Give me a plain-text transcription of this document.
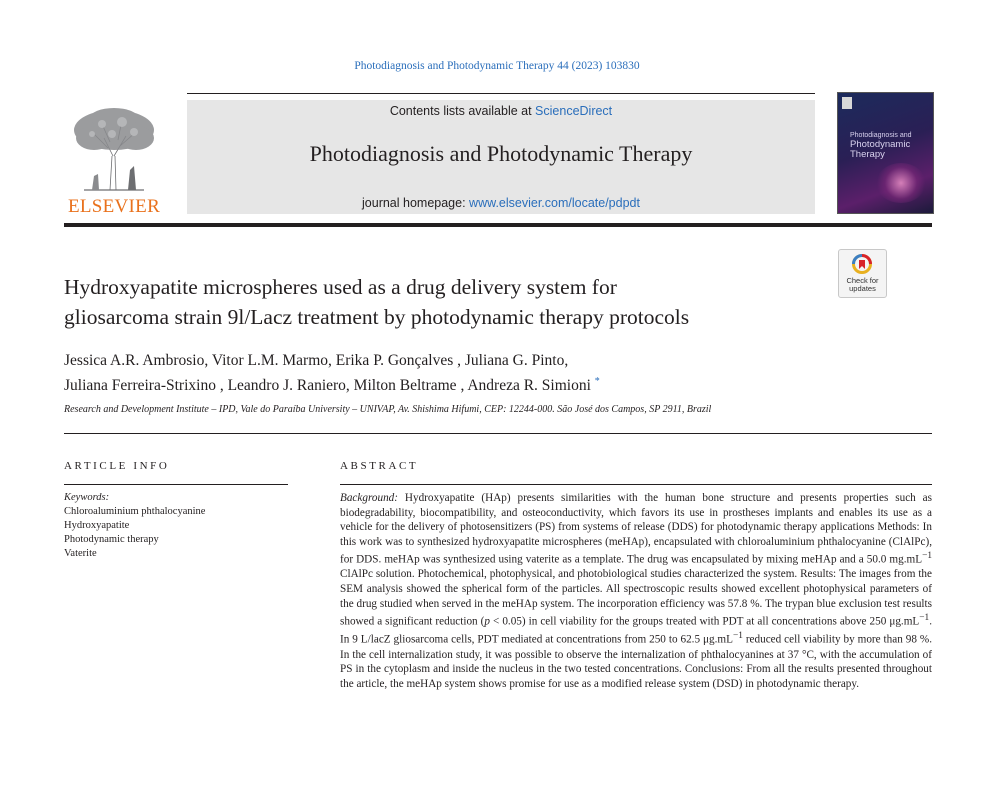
Photodiagnosis and Photodynamic Therapy 44 (2023) 103830
ELSEVIER
Contents lists available at ScienceDirect
Photodiagnosis and Photodynamic Therapy
journal homepage: www.elsevier.com/locate/pdpdt
Photodiagnosis and
Photodynamic
Therapy
Check for
updates
Hydroxyapatite microspheres used as a drug delivery system for
gliosarcoma strain 9l/Lacz treatment by photodynamic therapy protocols
Jessica A.R. Ambrosio, Vitor L.M. Marmo, Erika P. Gonçalves , Juliana G. Pinto,
Juliana Ferreira-Strixino , Leandro J. Raniero, Milton Beltrame , Andreza R. Simioni *
Research and Development Institute – IPD, Vale do Paraíba University – UNIVAP, Av. Shishima Hifumi, CEP: 12244-000. São José dos Campos, SP 2911, Brazil
ARTICLE INFO	ABSTRACT
Keywords:
Chloroaluminium phthalocyanine
Hydroxyapatite
Photodynamic therapy
Vaterite

Background: Hydroxyapatite (HAp) presents similarities with the human bone structure and presents properties such as biodegradability, biocompatibility, and osteoconductivity, which favors its use in prostheses implants and enables its use as a vehicle for the delivery of photosensitizers (PS) from systems of release (DDS) for photodynamic therapy applications Methods: In this work was to synthesized hydroxyapatite microspheres (meHAp), encapsulated with chloroaluminium phthalocyanine (ClAlPc), for DDS. meHAp was synthesized using vaterite as a template. The drug was encapsulated by mixing meHAp and a 50.0 $mg.mL^{-1}$ ClAlPc solution. Photochemical, photophysical, and photobiological studies characterized the system. Results: The images from the SEM analysis showed the spherical form of the particles. All spectroscopic results showed excellent photophysical parameters of the drug studied when served in the meHAp system. The incorporation efficiency was 57.8 %. The trypan blue exclusion test results showed a significant reduction (p < 0.05) in cell viability for the groups treated with PDT at all concentrations above 250 $\mu g.mL^{-1}$. In 9 L/lacZ gliosarcoma cells, PDT mediated at concentrations from 250 to 62.5 $\mu g.mL^{-1}$ reduced cell viability by more than 98 %. In the cell internalization study, it was possible to observe the internalization of phthalocyanines at 37 °C, with the accumulation of PS in the cytoplasm and inside the nucleus in the two tested concentrations. Conclusions: From all the results presented throughout the article, the meHAp system shows promise for use as a modified release system (DSD) in photodynamic therapy.
